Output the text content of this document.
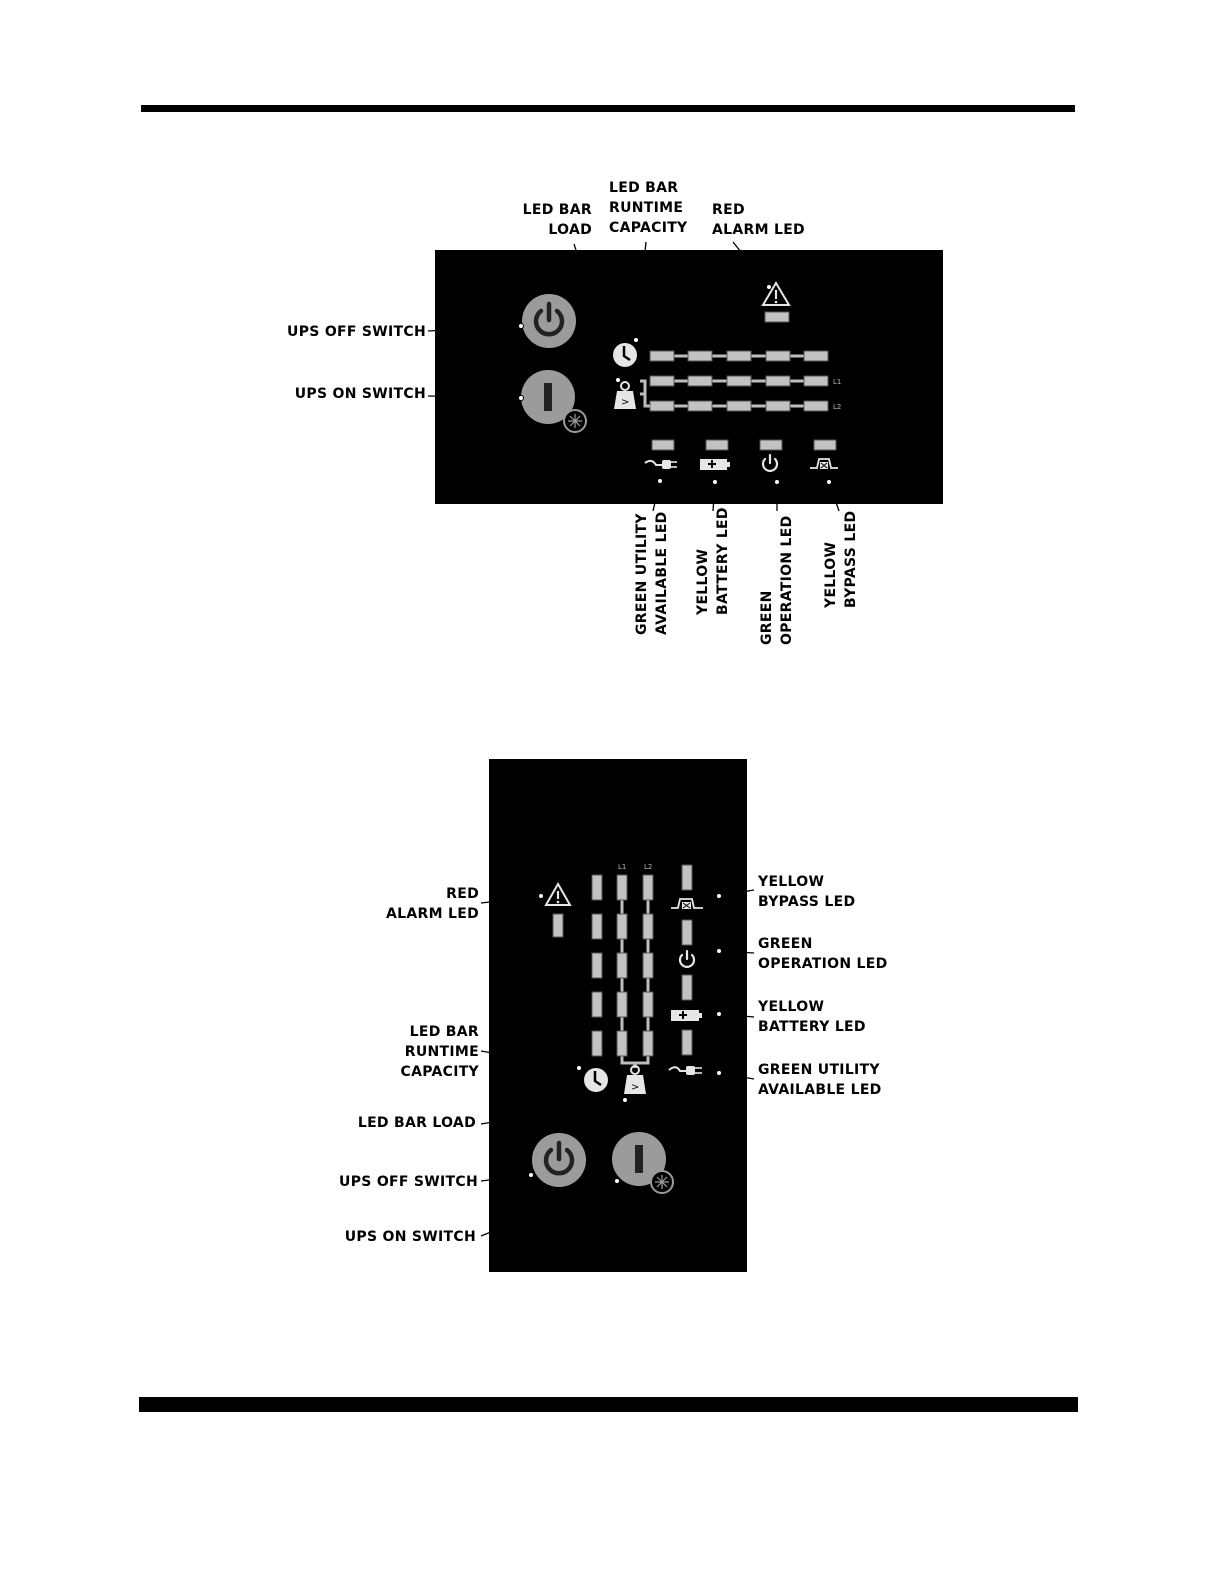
LED BAR
LOAD
LED BAR
RUNTIME
CAPACITY
RED
ALARM LED
UPS OFF SWITCH
UPS ON SWITCH
GREEN UTILITY AVAILABLE LED YELLOW BATTERY LED
GREEN OPERATION LED YELLOW BYPASS LED
RED
ALARM LED
LED BAR
RUNTIME
CAPACITY
LED BAR LOAD
UPS OFF SWITCH
UPS ON SWITCH
YELLOW
BYPASS LED
GREEN
OPERATION LED
YELLOW
BATTERY LED
GREEN UTILITY
AVAILABLE LED
>
L1
L2
L1	L2
>
